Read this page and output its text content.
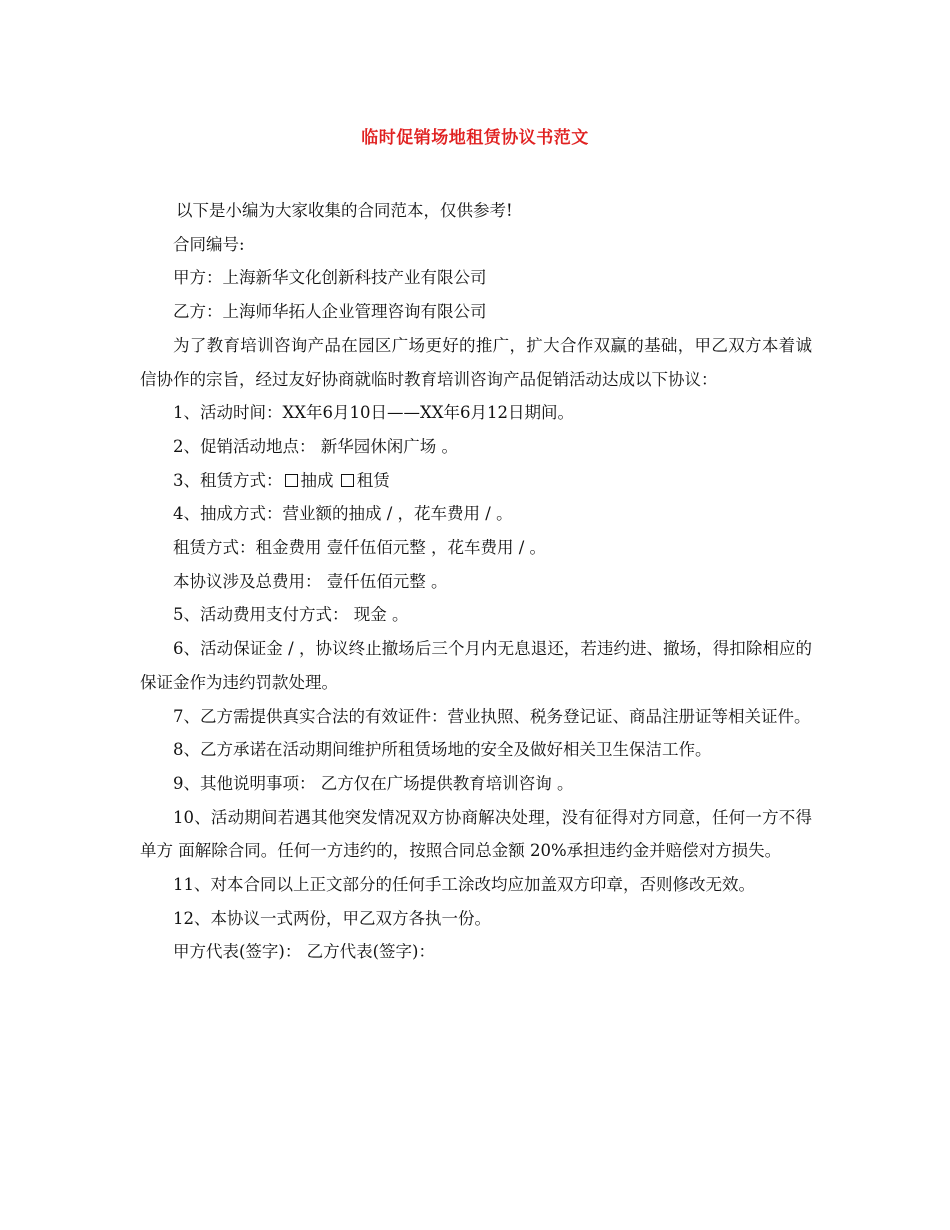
临时促销场地租赁协议书范文

以下是小编为大家收集的合同范本，仅供参考!

合同编号:

甲方：上海新华文化创新科技产业有限公司

乙方：上海师华拓人企业管理咨询有限公司

为了教育培训咨询产品在园区广场更好的推广，扩大合作双赢的基础，甲乙双方本着诚信协作的宗旨，经过友好协商就临时教育培训咨询产品促销活动达成以下协议：

1、活动时间：XX年6月10日——XX年6月12日期间。

2、促销活动地点： 新华园休闲广场 。

3、租赁方式： 抽成 租赁

4、抽成方式：营业额的抽成 / ，花车费用 / 。

租赁方式：租金费用 壹仟伍佰元整 ，花车费用 / 。

本协议涉及总费用： 壹仟伍佰元整 。

5、活动费用支付方式： 现金 。

6、活动保证金 / ，协议终止撤场后三个月内无息退还，若违约进、撤场，得扣除相应的保证金作为违约罚款处理。

7、乙方需提供真实合法的有效证件：营业执照、税务登记证、商品注册证等相关证件。

8、乙方承诺在活动期间维护所租赁场地的安全及做好相关卫生保洁工作。

9、其他说明事项： 乙方仅在广场提供教育培训咨询 。

10、活动期间若遇其他突发情况双方协商解决处理，没有征得对方同意，任何一方不得单方 面解除合同。任何一方违约的，按照合同总金额 20%承担违约金并赔偿对方损失。

11、对本合同以上正文部分的任何手工涂改均应加盖双方印章，否则修改无效。

12、本协议一式两份，甲乙双方各执一份。

甲方代表(签字)： 乙方代表(签字)：
